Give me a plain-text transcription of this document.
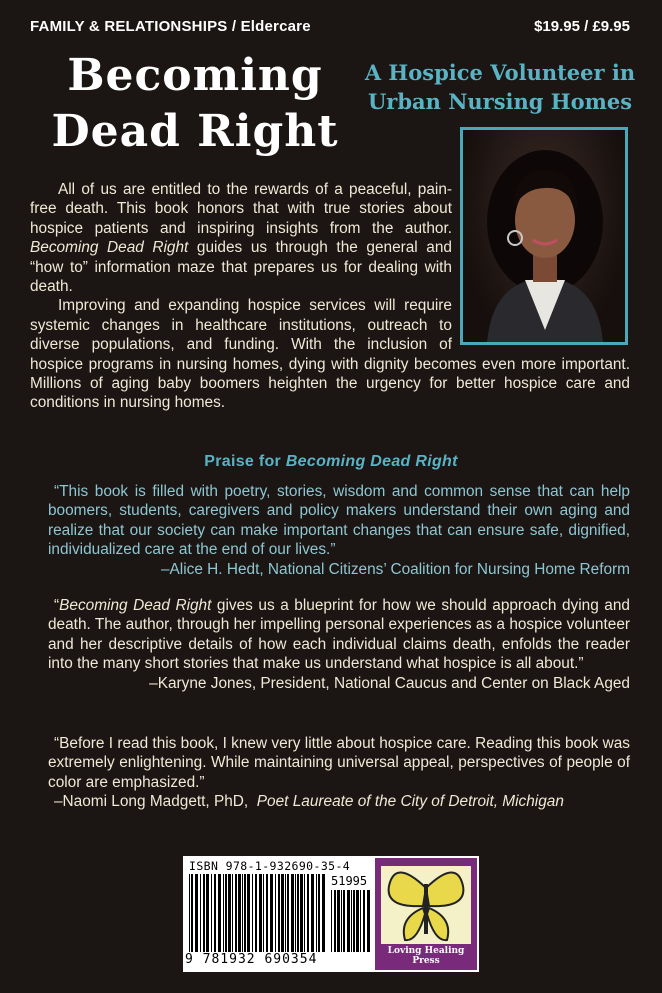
FAMILY & RELATIONSHIPS / Eldercare	$19.95 / £9.95
Becoming
Dead Right
A Hospice Volunteer in
Urban Nursing Homes

All of us are entitled to the rewards of a peaceful, pain-free death. This book honors that with true stories about hospice patients and inspiring insights from the author. Becoming Dead Right guides us through the general and “how to” information maze that prepares us for dealing with death.

Improving and expanding hospice services will require systemic changes in healthcare institutions, outreach to diverse populations, and funding. With the inclusion of hospice programs in nursing homes, dying with dignity becomes even more important. Millions of aging baby boomers heighten the urgency for better hospice care and conditions in nursing homes.

Praise for Becoming Dead Right

“This book is filled with poetry, stories, wisdom and common sense that can help boomers, students, caregivers and policy makers understand their own aging and realize that our society can make important changes that can ensure safe, dignified, individualized care at the end of our lives.”

–Alice H. Hedt, National Citizens’ Coalition for Nursing Home Reform

“Becoming Dead Right gives us a blueprint for how we should approach dying and death. The author, through her impelling personal experiences as a hospice volunteer and her descriptive details of how each individual claims death, enfolds the reader into the many short stories that make us understand what hospice is all about.”

–Karyne Jones, President, National Caucus and Center on Black Aged

“Before I read this book, I knew very little about hospice care. Reading this book was extremely enlightening. While maintaining universal appeal, perspectives of people of color are emphasized.”

–Naomi Long Madgett, PhD, Poet Laureate of the City of Detroit, Michigan
ISBN 978-1-932690-35-4
51995
9 781932 690354
Loving Healing Press
